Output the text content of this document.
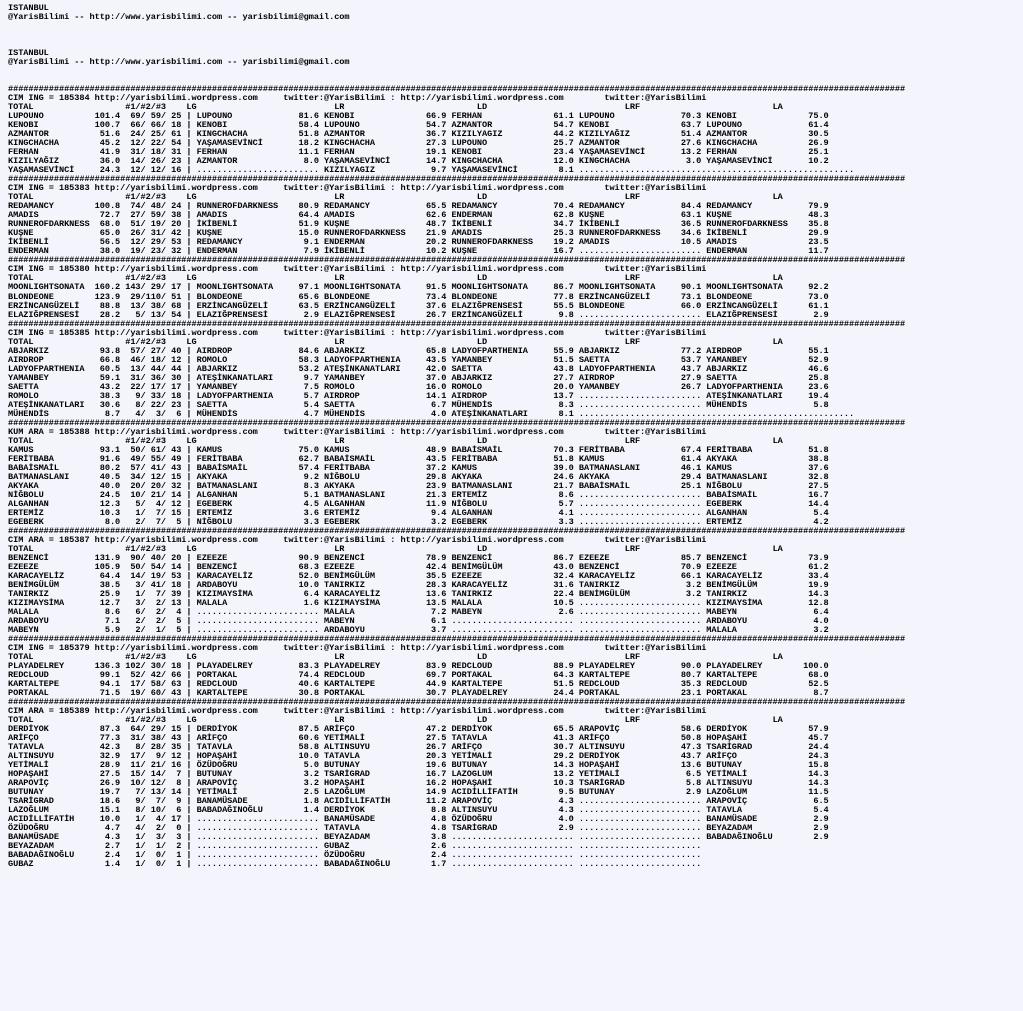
ISTANBUL
@YarisBilimi -- http://www.yarisbilimi.com -- yarisbilimi@gmail.com

ISTANBUL
@YarisBilimi -- http://www.yarisbilimi.com -- yarisbilimi@gmail.com

################################################################################################################################################################################
CIM ING = 185384 http://yarisbilimi.wordpress.com     twitter:@YarisBilimi : http://yarisbilimi.wordpress.com        twitter:@YarisBilimi
TOTAL                  #1/#2/#3    LG                           LR                          LD                           LRF                          LA
LUPOUNO          101.4  69/ 59/ 25 | LUPOUNO             81.6 KENOBI              66.9 FERHAN              61.1 LUPOUNO             70.3 KENOBI              75.0
KENOBI           100.7  66/ 66/ 18 | KENOBI              58.4 LUPOUNO             54.7 AZMANTOR            54.7 KENOBI              63.7 LUPOUNO             61.4
AZMANTOR          51.6  24/ 25/ 61 | KINGCHACHA          51.8 AZMANTOR            36.7 KIZILYAGIZ          44.2 KIZILYAĞIZ          51.4 AZMANTOR            30.5
KINGCHACHA        45.2  12/ 22/ 54 | YAŞAMASEVİNCİ       18.2 KINGCHACHA          27.3 LUPOUNO             25.7 AZMANTOR            27.6 KINGCHACHA          26.9
FERHAN            41.9  31/ 18/ 31 | FERHAN              11.1 FERHAN              19.1 KENOBI              23.4 YAŞAMASEVİNCİ       13.2 FERHAN              25.1
KIZILYAĞIZ        36.0  14/ 26/ 23 | AZMANTOR             8.0 YAŞAMASEVİNCİ       14.7 KINGCHACHA          12.0 KINGCHACHA           3.0 YAŞAMASEVİNCİ       10.2
YAŞAMASEVİNCİ     24.3  12/ 12/ 16 | ........................ KIZILYAGIZ           9.7 YAŞAMASEVİNCİ        8.1 ......................................................
################################################################################################################################################################################
CIM ING = 185383 http://yarisbilimi.wordpress.com     twitter:@YarisBilimi : http://yarisbilimi.wordpress.com        twitter:@YarisBilimi
TOTAL                  #1/#2/#3    LG                           LR                          LD                           LRF                          LA
REDAMANCY        100.8  74/ 48/ 24 | RUNNEROFDARKNESS    80.9 REDAMANCY           65.5 REDAMANCY           70.4 REDAMANCY           84.4 REDAMANCY           79.9
AMADIS            72.7  27/ 59/ 38 | AMADIS              64.4 AMADIS              62.6 ENDERMAN            62.8 KUŞNE               63.1 KUŞNE               48.3
RUNNEROFDARKNESS  68.0  51/ 19/ 20 | İKİBENLİ            51.9 KUŞNE               48.7 İKİBENLİ            34.7 İKİBENLİ            36.5 RUNNEROFDARKNESS    35.8
KUŞNE             65.0  26/ 31/ 42 | KUŞNE               15.0 RUNNEROFDARKNESS    21.9 AMADIS              25.3 RUNNEROFDARKNESS    34.6 İKİBENLİ            29.9
İKİBENLİ          56.5  12/ 29/ 53 | REDAMANCY            9.1 ENDERMAN            20.2 RUNNEROFDARKNESS    19.2 AMADIS              10.5 AMADIS              23.5
ENDERMAN          38.0  19/ 23/ 32 | ENDERMAN             7.9 İKİBENLİ            10.2 KUŞNE               16.7 ........................ ENDERMAN            11.7
################################################################################################################################################################################
CIM ING = 185380 http://yarisbilimi.wordpress.com     twitter:@YarisBilimi : http://yarisbilimi.wordpress.com        twitter:@YarisBilimi
TOTAL                  #1/#2/#3    LG                           LR                          LD                           LRF                          LA
MOONLIGHTSONATA  160.2 143/ 29/ 17 | MOONLIGHTSONATA     97.1 MOONLIGHTSONATA     91.5 MOONLIGHTSONATA     86.7 MOONLIGHTSONATA     90.1 MOONLIGHTSONATA     92.2
BLONDEONE        123.9  29/110/ 51 | BLONDEONE           65.6 BLONDEONE           73.4 BLONDEONE           77.8 ERZİNCANGÜZELİ      73.1 BLONDEONE           73.0
ERZİNCANGÜZELİ    88.8  13/ 38/ 68 | ERZİNCANGÜZELİ      63.5 ERZİNCANGÜZELİ      37.6 ELAZIĞPRENSESİ      55.5 BLONDEONE           66.0 ERZİNCANGÜZELİ      61.1
ELAZIĞPRENSESİ    28.2   5/ 13/ 54 | ELAZIĞPRENSESİ       2.9 ELAZIĞPRENSESİ      26.7 ERZİNCANGÜZELİ       9.8 ........................ ELAZIĞPRENSESİ       2.9
################################################################################################################################################################################
CIM ING = 185385 http://yarisbilimi.wordpress.com     twitter:@YarisBilimi : http://yarisbilimi.wordpress.com        twitter:@YarisBilimi
TOTAL                  #1/#2/#3    LG                           LR                          LD                           LRF                          LA
ABJARKIZ          93.8  57/ 27/ 40 | AIRDROP             84.6 ABJARKIZ            65.8 LADYOFPARTHENIA     55.9 ABJARKIZ            77.2 AIRDROP             55.1
AIRDROP           66.8  46/ 18/ 12 | ROMOLO              58.3 LADYOFPARTHENIA     43.5 YAMANBEY            51.5 SAETTA              53.7 YAMANBEY            52.9
LADYOFPARTHENIA   60.5  13/ 44/ 44 | ABJARKIZ            53.2 ATEŞİNKANATLARI     42.0 SAETTA              43.8 LADYOFPARTHENIA     43.7 ABJARKIZ            46.6
YAMANBEY          59.1  31/ 36/ 30 | ATEŞİNKANATLARI      9.7 YAMANBEY            37.0 ABJARKIZ            27.7 AIRDROP             27.9 SAETTA              25.8
SAETTA            43.2  22/ 17/ 17 | YAMANBEY             7.5 ROMOLO              16.0 ROMOLO              20.0 YAMANBEY            26.7 LADYOFPARTHENIA     23.6
ROMOLO            38.3   9/ 33/ 18 | LADYOFPARTHENIA      5.7 AIRDROP             14.1 AIRDROP             13.7 ........................ ATEŞİNKANATLARI     19.4
ATEŞİNKANATLARI   30.6   8/ 22/ 23 | SAETTA               5.4 SAETTA               6.7 MÜHENDİS             8.3 ........................ MÜHENDİS             5.8
MÜHENDİS           8.7   4/  3/  6 | MÜHENDİS             4.7 MÜHENDİS             4.0 ATEŞİNKANATLARI      8.1 ......................................................
################################################################################################################################################################################
KUM ARA = 185388 http://yarisbilimi.wordpress.com     twitter:@YarisBilimi : http://yarisbilimi.wordpress.com        twitter:@YarisBilimi
TOTAL                  #1/#2/#3    LG                           LR                          LD                           LRF                          LA
KAMUS             93.1  50/ 61/ 43 | KAMUS               75.0 KAMUS               48.9 BABAİSMAİL          70.3 FERİTBABA           67.4 FERİTBABA           51.8
FERİTBABA         91.6  49/ 55/ 49 | FERİTBABA           62.7 BABAİSMAİL          43.5 FERİTBABA           51.8 KAMUS               61.4 AKYAKA              38.8
BABAİSMAİL        80.2  57/ 41/ 43 | BABAİSMAİL          57.4 FERİTBABA           37.2 KAMUS               39.0 BATMANASLANI        46.1 KAMUS               37.6
BATMANASLANI      40.5  34/ 12/ 15 | AKYAKA               9.2 NİĞBOLU             29.8 AKYAKA              24.6 AKYAKA              29.4 BATMANASLANI        32.8
AKYAKA            40.0  20/ 20/ 32 | BATMANASLANI         8.3 AKYAKA              23.9 BATMANASLANI        21.7 BABAİSMAİL          25.1 NİĞBOLU             27.5
NİĞBOLU           24.5  10/ 21/ 14 | ALGANHAN             5.1 BATMANASLANI        21.3 ERTEMİZ              8.6 ........................ BABAİSMAİL          16.7
ALGANHAN          12.3   5/  4/ 12 | EGEBERK              4.5 ALGANHAN            11.9 NİĞBOLU              5.7 ........................ EGEBERK             14.4
ERTEMİZ           10.3   1/  7/ 15 | ERTEMİZ              3.6 ERTEMİZ              9.4 ALGANHAN             4.1 ........................ ALGANHAN             5.4
EGEBERK            8.0   2/  7/  5 | NİĞBOLU              3.3 EGEBERK              3.2 EGEBERK              3.3 ........................ ERTEMİZ              4.2
################################################################################################################################################################################
CIM ARA = 185387 http://yarisbilimi.wordpress.com     twitter:@YarisBilimi : http://yarisbilimi.wordpress.com        twitter:@YarisBilimi
TOTAL                  #1/#2/#3    LG                           LR                          LD                           LRF                          LA
BENZENCİ         131.9  90/ 40/ 20 | EZEEZE              90.9 BENZENCİ            78.9 BENZENCİ            86.7 EZEEZE              85.7 BENZENCİ            73.9
EZEEZE           105.9  50/ 54/ 14 | BENZENCİ            68.3 EZEEZE              42.4 BENİMGÜLÜM          43.0 BENZENCİ            70.9 EZEEZE              61.2
KARACAYELİZ       64.4  14/ 19/ 53 | KARACAYELİZ         52.0 BENİMGÜLÜM          35.5 EZEEZE              32.4 KARACAYELİZ         66.1 KARACAYELİZ         33.4
BENİMGÜLÜM        38.5   3/ 41/ 18 | ARDABOYU            10.0 TANIRKIZ            28.3 KARACAYELİZ         31.6 TANIRKIZ             3.2 BENİMGÜLÜM          19.9
TANIRKIZ          25.9   1/  7/ 39 | KIZIMAYSİMA          6.4 KARACAYELİZ         13.6 TANIRKIZ            22.4 BENİMGÜLÜM           3.2 TANIRKIZ            14.3
KIZIMAYSİMA       12.7   3/  2/ 13 | MALALA               1.6 KIZIMAYSİMA         13.5 MALALA              10.5 ........................ KIZIMAYSİMA         12.8
MALALA             8.6   6/  2/  4 | ........................ MALALA               7.2 MABEYN               2.6 ........................ MABEYN               6.4
ARDABOYU           7.1   2/  2/  5 | ........................ MABEYN               6.1 ........................ ........................ ARDABOYU             4.0
MABEYN             5.9   2/  1/  5 | ........................ ARDABOYU             3.7 ........................ ........................ MALALA               3.2
################################################################################################################################################################################
CIM ING = 185379 http://yarisbilimi.wordpress.com     twitter:@YarisBilimi : http://yarisbilimi.wordpress.com        twitter:@YarisBilimi
TOTAL                  #1/#2/#3    LG                           LR                          LD                           LRF                          LA
PLAYADELREY      136.3 102/ 30/ 18 | PLAYADELREY         83.3 PLAYADELREY         83.9 REDCLOUD            88.9 PLAYADELREY         90.0 PLAYADELREY        100.0
REDCLOUD          99.1  52/ 42/ 66 | PORTAKAL            74.4 REDCLOUD            69.7 PORTAKAL            64.3 KARTALTEPE          80.7 KARTALTEPE          68.0
KARTALTEPE        94.1  17/ 58/ 63 | REDCLOUD            40.6 KARTALTEPE          44.9 KARTALTEPE          51.5 REDCLOUD            35.3 REDCLOUD            52.5
PORTAKAL          71.5  19/ 60/ 43 | KARTALTEPE          30.8 PORTAKAL            30.7 PLAYADELREY         24.4 PORTAKAL            23.1 PORTAKAL             8.7
################################################################################################################################################################################
CIM ARA = 185389 http://yarisbilimi.wordpress.com     twitter:@YarisBilimi : http://yarisbilimi.wordpress.com        twitter:@YarisBilimi
TOTAL                  #1/#2/#3    LG                           LR                          LD                           LRF                          LA
DERDİYOK          87.3  64/ 29/ 15 | DERDİYOK            87.5 ARİFÇO              47.2 DERDİYOK            65.5 ARAPOVİÇ            58.6 DERDİYOK            57.9
ARİFÇO            77.3  31/ 38/ 43 | ARİFÇO              60.6 YETİMALİ            27.5 TATAVLA             41.3 ARİFÇO              50.8 HOPAŞAHİ            45.7
TATAVLA           42.3   8/ 28/ 35 | TATAVLA             58.8 ALTINSUYU           26.7 ARİFÇO              30.7 ALTINSUYU           47.3 TSARİGRAD           24.4
ALTINSUYU         32.9  17/  9/ 12 | HOPAŞAHİ            10.0 TATAVLA             20.3 YETİMALİ            29.2 DERDİYOK            43.7 ARİFÇO              24.3
YETİMALİ          28.9  11/ 21/ 16 | ÖZÜDOĞRU             5.0 BUTUNAY             19.6 BUTUNAY             14.3 HOPAŞAHİ            13.6 BUTUNAY             15.8
HOPAŞAHİ          27.5  15/ 14/  7 | BUTUNAY              3.2 TSARİGRAD           16.7 LAZOGLUM            13.2 YETİMALİ             6.5 YETİMALİ            14.3
ARAPOVİÇ          26.9  10/ 12/  8 | ARAPOVİÇ             3.2 HOPAŞAHİ            16.2 HOPAŞAHİ            10.3 TSARİGRAD            5.8 ALTINSUYU           14.3
BUTUNAY           19.7   7/ 13/ 14 | YETİMALİ             2.5 LAZOĞLUM            14.9 ACIDİLLİFATİH        9.5 BUTUNAY              2.9 LAZOĞLUM            11.5
TSARİGRAD         18.6   9/  7/  9 | BANAMÜSADE           1.8 ACIDİLLİFATİH       11.2 ARAPOVİÇ             4.3 ........................ ARAPOVİÇ             6.5
LAZOĞLUM          15.1   8/ 10/  6 | BABADAĞINOĞLU        1.4 DERDİYOK             8.8 ALTINSUYU            4.3 ........................ TATAVLA              5.4
ACIDİLLİFATİH     10.0   1/  4/ 17 | ........................ BANAMÜSADE           4.8 ÖZÜDOĞRU             4.0 ........................ BANAMÜSADE           2.9
ÖZÜDOĞRU           4.7   4/  2/  0 | ........................ TATAVLA              4.8 TSARİGRAD            2.9 ........................ BEYAZADAM            2.9
BANAMÜSADE         4.3   1/  3/  3 | ........................ BEYAZADAM            3.8 ........................ ........................ BABADAĞINOĞLU        2.9
BEYAZADAM          2.7   1/  1/  2 | ........................ GUBAZ                2.6 ........................ ........................
BABADAĞINOĞLU      2.4   1/  0/  1 | ........................ ÖZÜDOĞRU             2.4 ........................ ........................
GUBAZ              1.4   1/  0/  1 | ........................ BABADAĞINOĞLU        1.7 ........................ ........................
